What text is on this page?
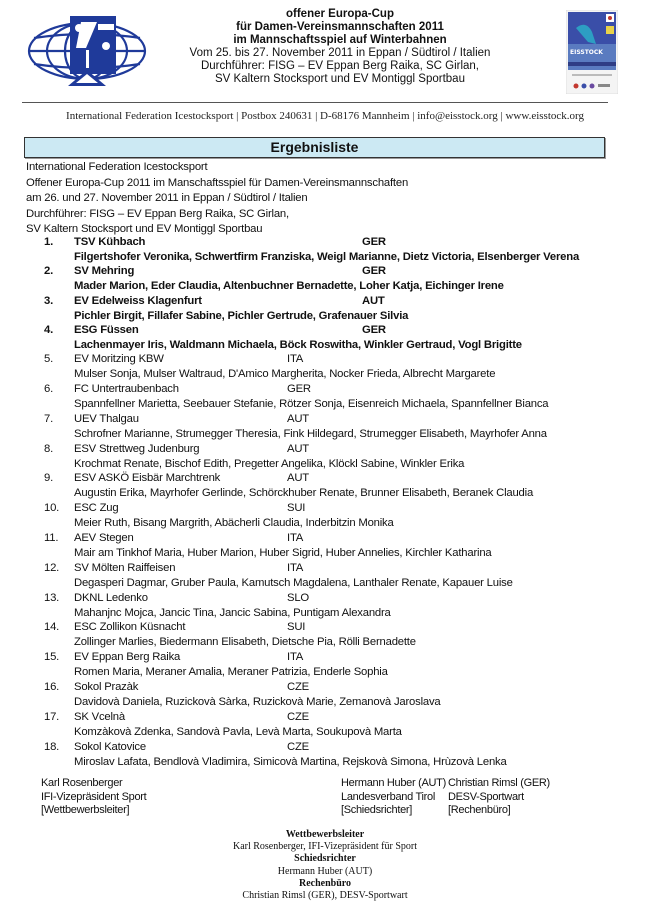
offener Europa-Cup
für Damen-Vereinsmannschaften 2011
im Mannschaftsspiel auf Winterbahnen
Vom 25. bis 27. November 2011 in Eppan / Südtirol / Italien
Durchführer: FISG – EV Eppan Berg Raika, SC Girlan,
SV Kaltern Stocksport und EV Montiggl Sportbau
EISSTOCK
International Federation Icestocksport | Postbox 240631 | D-68176 Mannheim | info@eisstock.org | www.eisstock.org
Ergebnisliste
International Federation Icestocksport
Offener Europa-Cup 2011 im Manschaftsspiel für Damen-Vereinsmannschaften
am 26. und 27. November 2011 in Eppan / Südtirol / Italien
Durchführer: FISG – EV Eppan Berg Raika, SC Girlan,
SV Kaltern Stocksport und EV Montiggl Sportbau
1.	TSV Kühbach	GER
Filgertshofer Veronika, Schwertfirm Franziska, Weigl Marianne, Dietz Victoria, Elsenberger Verena
2.	SV Mehring	GER
Mader Marion, Eder Claudia, Altenbuchner Bernadette, Loher Katja, Eichinger Irene
3.	EV Edelweiss Klagenfurt	AUT
Pichler Birgit, Fillafer Sabine, Pichler Gertrude, Grafenauer Silvia
4.	ESG Füssen	GER
Lachenmayer Iris, Waldmann Michaela, Böck Roswitha, Winkler Gertraud, Vogl Brigitte
5.	EV Moritzing KBW	ITA
Mulser Sonja, Mulser Waltraud, D'Amico Margherita, Nocker Frieda, Albrecht Margarete
6.	FC Untertraubenbach	GER
Spannfellner Marietta, Seebauer Stefanie, Rötzer Sonja, Eisenreich Michaela, Spannfellner Bianca
7.	UEV Thalgau	AUT
Schrofner Marianne, Strumegger Theresia, Fink Hildegard, Strumegger Elisabeth, Mayrhofer Anna
8.	ESV Strettweg Judenburg	AUT
Krochmat Renate, Bischof Edith, Pregetter Angelika, Klöckl Sabine, Winkler Erika
9.	ESV ASKÖ Eisbär Marchtrenk	AUT
Augustin Erika, Mayrhofer Gerlinde, Schörckhuber Renate, Brunner Elisabeth, Beranek Claudia
10.	ESC Zug	SUI
Meier Ruth, Bisang Margrith, Abächerli Claudia, Inderbitzin Monika
11.	AEV Stegen	ITA
Mair am Tinkhof Maria, Huber Marion, Huber Sigrid, Huber Annelies, Kirchler Katharina
12.	SV Mölten Raiffeisen	ITA
Degasperi Dagmar, Gruber Paula, Kamutsch Magdalena, Lanthaler Renate, Kapauer Luise
13.	DKNL Ledenko	SLO
Mahanjnc Mojca, Jancic Tina, Jancic Sabina, Puntigam Alexandra
14.	ESC Zollikon Küsnacht	SUI
Zollinger Marlies, Biedermann Elisabeth, Dietsche Pia, Rölli Bernadette
15.	EV Eppan Berg Raika	ITA
Romen Maria, Meraner Amalia, Meraner Patrizia, Enderle Sophia
16.	Sokol Prazàk	CZE
Davidovà Daniela, Ruzickovà Sàrka, Ruzickovà Marie, Zemanovà Jaroslava
17.	SK Vcelnà	CZE
Komzàkovà Zdenka, Sandovà Pavla, Levà Marta, Soukupovà Marta
18.	Sokol Katovice	CZE
Miroslav Lafata, Bendlovà Vladimira, Simicovà Martina, Rejskovà Simona, Hrùzovà Lenka
Karl Rosenberger
IFI-Vizepräsident Sport
[Wettbewerbsleiter]
Hermann Huber (AUT)
Landesverband Tirol
[Schiedsrichter]
Christian Rimsl (GER)
DESV-Sportwart
[Rechenbüro]
Wettbewerbsleiter
Karl Rosenberger, IFI-Vizepräsident für Sport
Schiedsrichter
Hermann Huber (AUT)
Rechenbüro
Christian Rimsl (GER), DESV-Sportwart
